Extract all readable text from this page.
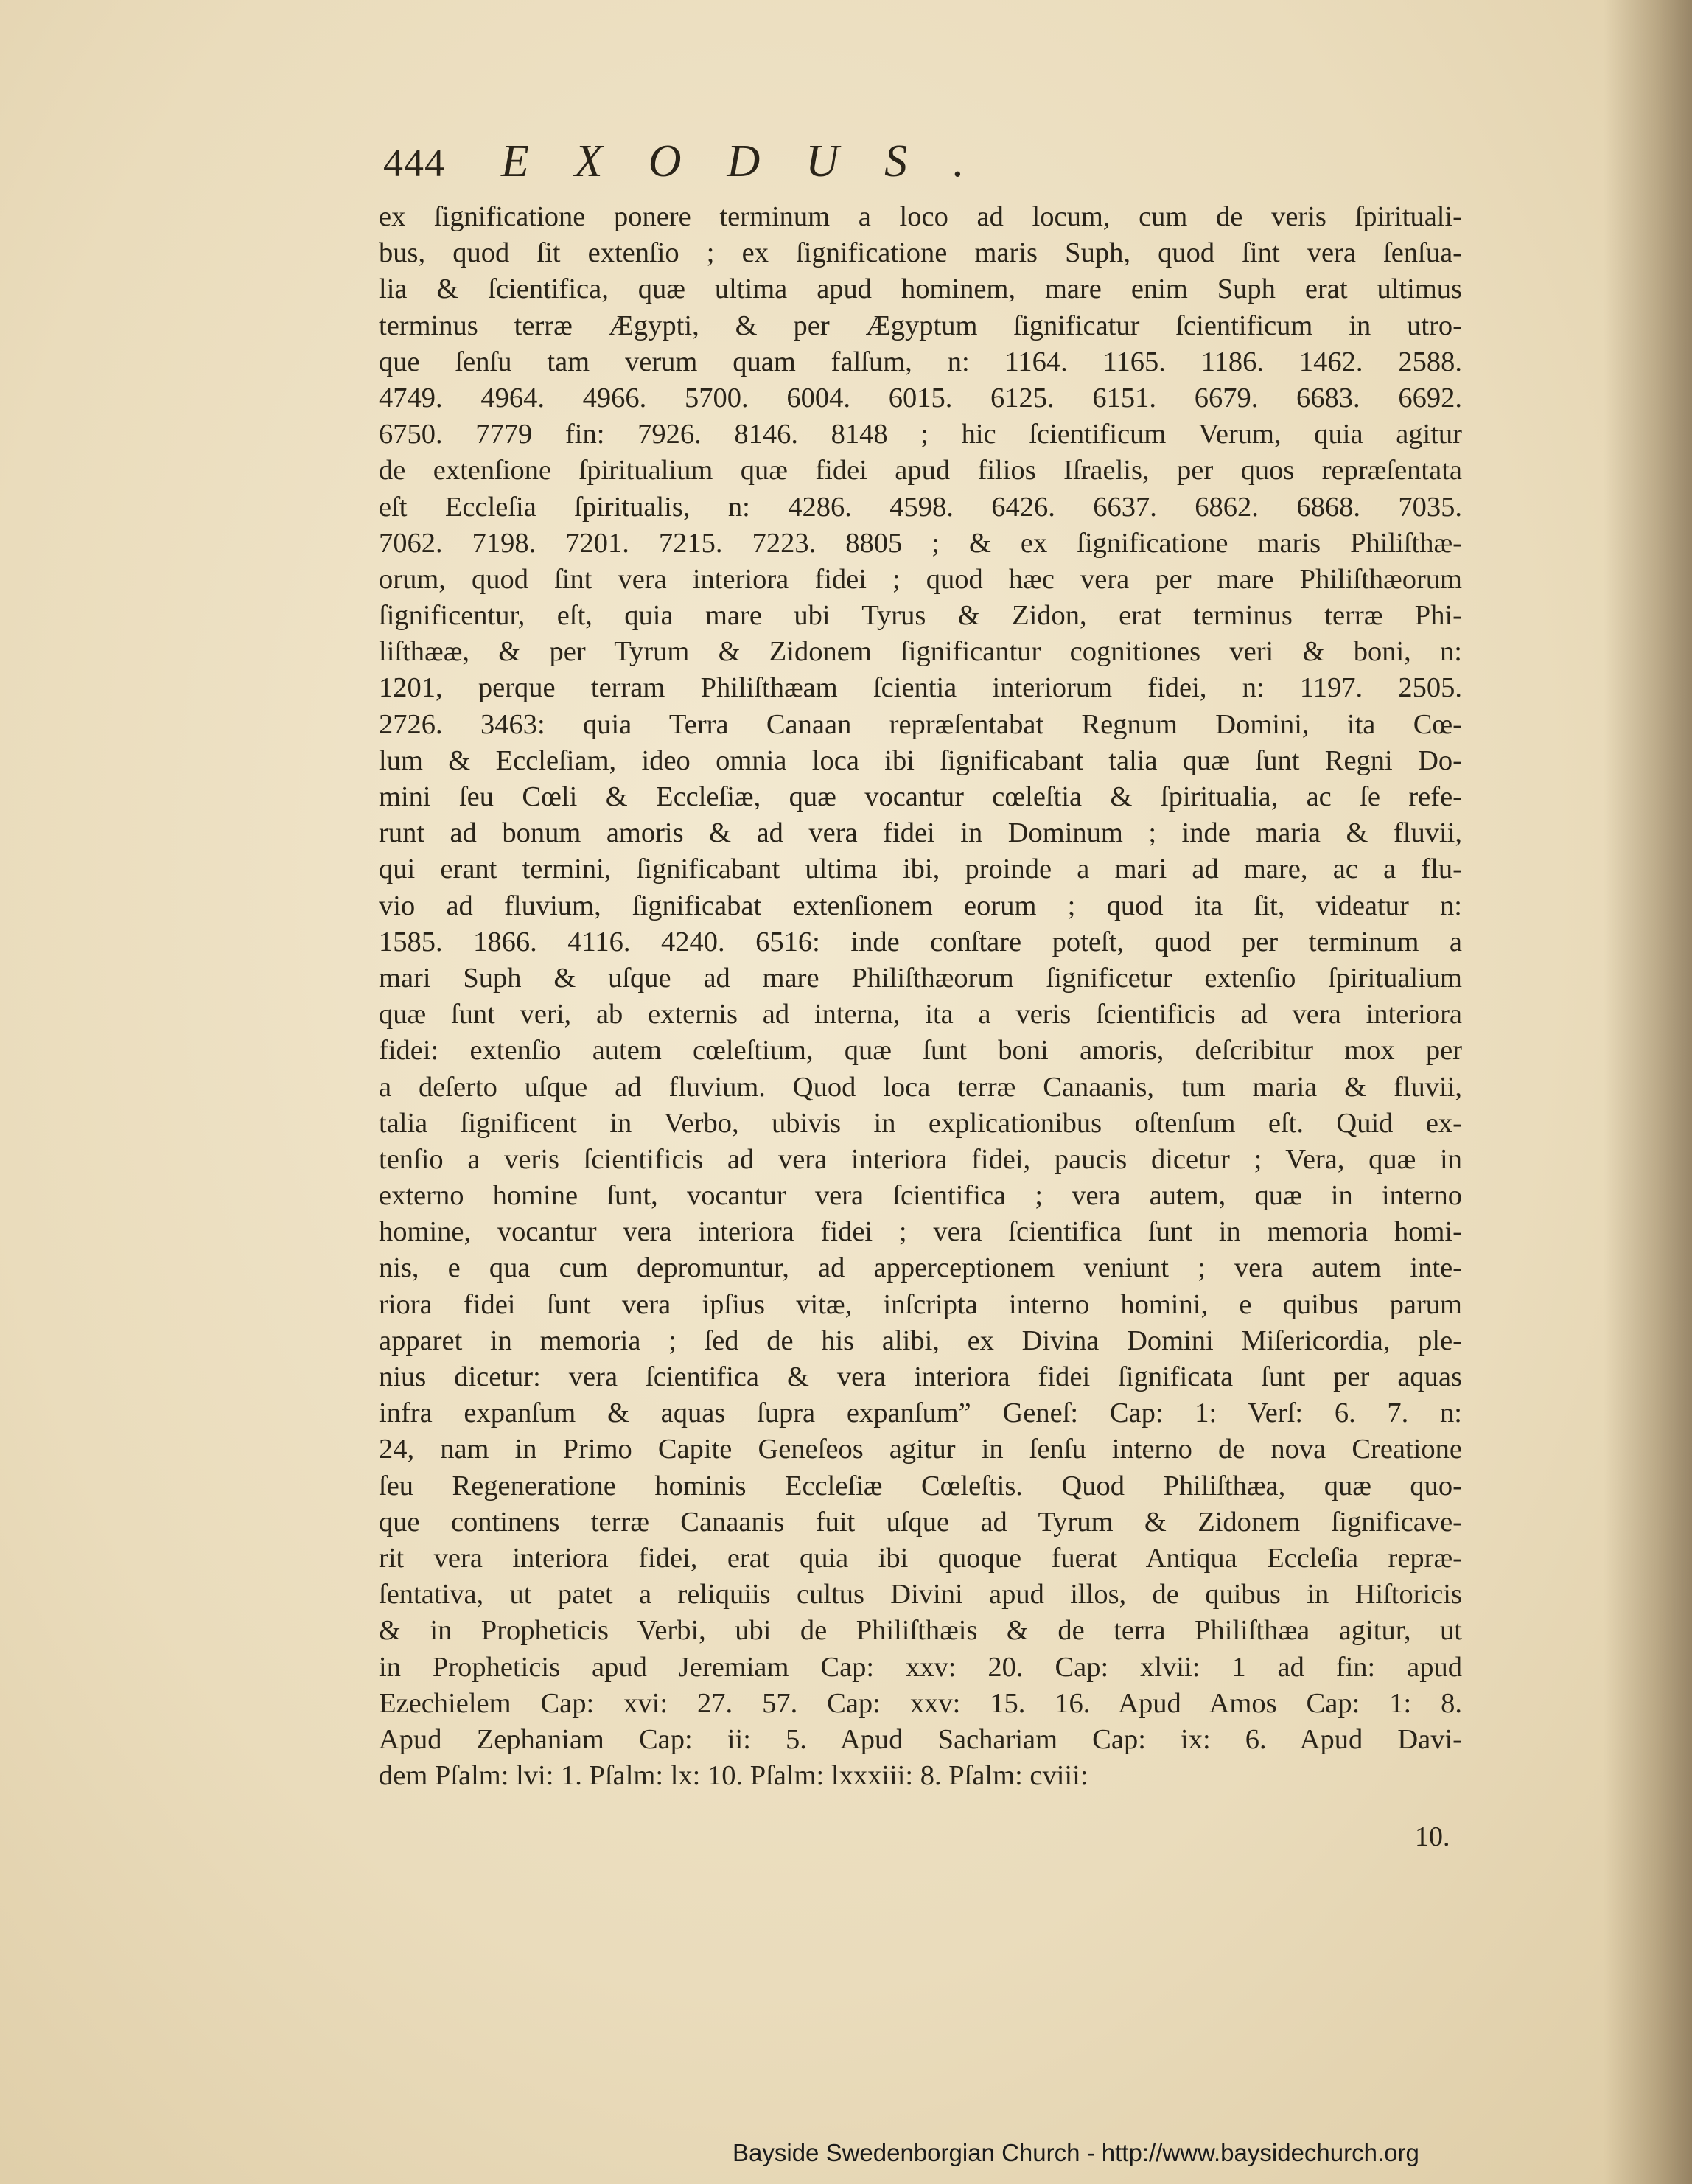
444 EXODUS.
ex ſignificatione ponere terminum a loco ad locum, cum de veris ſpirituali-
bus, quod ſit extenſio ; ex ſignificatione maris Suph, quod ſint vera ſenſua-
lia & ſcientifica, quæ ultima apud hominem, mare enim Suph erat ultimus
terminus terræ Ægypti, & per Ægyptum ſignificatur ſcientificum in utro-
que ſenſu tam verum quam falſum, n: 1164. 1165. 1186. 1462. 2588.
4749. 4964. 4966. 5700. 6004. 6015. 6125. 6151. 6679. 6683. 6692.
6750. 7779 fin: 7926. 8146. 8148 ; hic ſcientificum Verum, quia agitur
de extenſione ſpiritualium quæ fidei apud filios Iſraelis, per quos repræſentata
eſt Eccleſia ſpiritualis, n: 4286. 4598. 6426. 6637. 6862. 6868. 7035.
7062. 7198. 7201. 7215. 7223. 8805 ; & ex ſignificatione maris Philiſthæ-
orum, quod ſint vera interiora fidei ; quod hæc vera per mare Philiſthæorum
ſignificentur, eſt, quia mare ubi Tyrus & Zidon, erat terminus terræ Phi-
liſthææ, & per Tyrum & Zidonem ſignificantur cognitiones veri & boni, n:
1201, perque terram Philiſthæam ſcientia interiorum fidei, n: 1197. 2505.
2726. 3463: quia Terra Canaan repræſentabat Regnum Domini, ita Cœ-
lum & Eccleſiam, ideo omnia loca ibi ſignificabant talia quæ ſunt Regni Do-
mini ſeu Cœli & Eccleſiæ, quæ vocantur cœleſtia & ſpiritualia, ac ſe refe-
runt ad bonum amoris & ad vera fidei in Dominum ; inde maria & fluvii,
qui erant termini, ſignificabant ultima ibi, proinde a mari ad mare, ac a flu-
vio ad fluvium, ſignificabat extenſionem eorum ; quod ita ſit, videatur n:
1585. 1866. 4116. 4240. 6516: inde conſtare poteſt, quod per terminum a
mari Suph & uſque ad mare Philiſthæorum ſignificetur extenſio ſpiritualium
quæ ſunt veri, ab externis ad interna, ita a veris ſcientificis ad vera interiora
fidei: extenſio autem cœleſtium, quæ ſunt boni amoris, deſcribitur mox per
a deſerto uſque ad fluvium. Quod loca terræ Canaanis, tum maria & fluvii,
talia ſignificent in Verbo, ubivis in explicationibus oſtenſum eſt. Quid ex-
tenſio a veris ſcientificis ad vera interiora fidei, paucis dicetur ; Vera, quæ in
externo homine ſunt, vocantur vera ſcientifica ; vera autem, quæ in interno
homine, vocantur vera interiora fidei ; vera ſcientifica ſunt in memoria homi-
nis, e qua cum depromuntur, ad apperceptionem veniunt ; vera autem inte-
riora fidei ſunt vera ipſius vitæ, inſcripta interno homini, e quibus parum
apparet in memoria ; ſed de his alibi, ex Divina Domini Miſericordia, ple-
nius dicetur: vera ſcientifica & vera interiora fidei ſignificata ſunt per aquas
infra expanſum & aquas ſupra expanſum” Geneſ: Cap: 1: Verſ: 6. 7. n:
24, nam in Primo Capite Geneſeos agitur in ſenſu interno de nova Creatione
ſeu Regeneratione hominis Eccleſiæ Cœleſtis. Quod Philiſthæa, quæ quo-
que continens terræ Canaanis fuit uſque ad Tyrum & Zidonem ſignificave-
rit vera interiora fidei, erat quia ibi quoque fuerat Antiqua Eccleſia repræ-
ſentativa, ut patet a reliquiis cultus Divini apud illos, de quibus in Hiſtoricis
& in Propheticis Verbi, ubi de Philiſthæis & de terra Philiſthæa agitur, ut
in Propheticis apud Jeremiam Cap: xxv: 20. Cap: xlvii: 1 ad fin: apud
Ezechielem Cap: xvi: 27. 57. Cap: xxv: 15. 16. Apud Amos Cap: 1: 8.
Apud Zephaniam Cap: ii: 5. Apud Sachariam Cap: ix: 6. Apud Davi-
dem Pſalm: lvi: 1. Pſalm: lx: 10. Pſalm: lxxxiii: 8. Pſalm: cviii:
10.
Bayside Swedenborgian Church - http://www.baysidechurch.org
